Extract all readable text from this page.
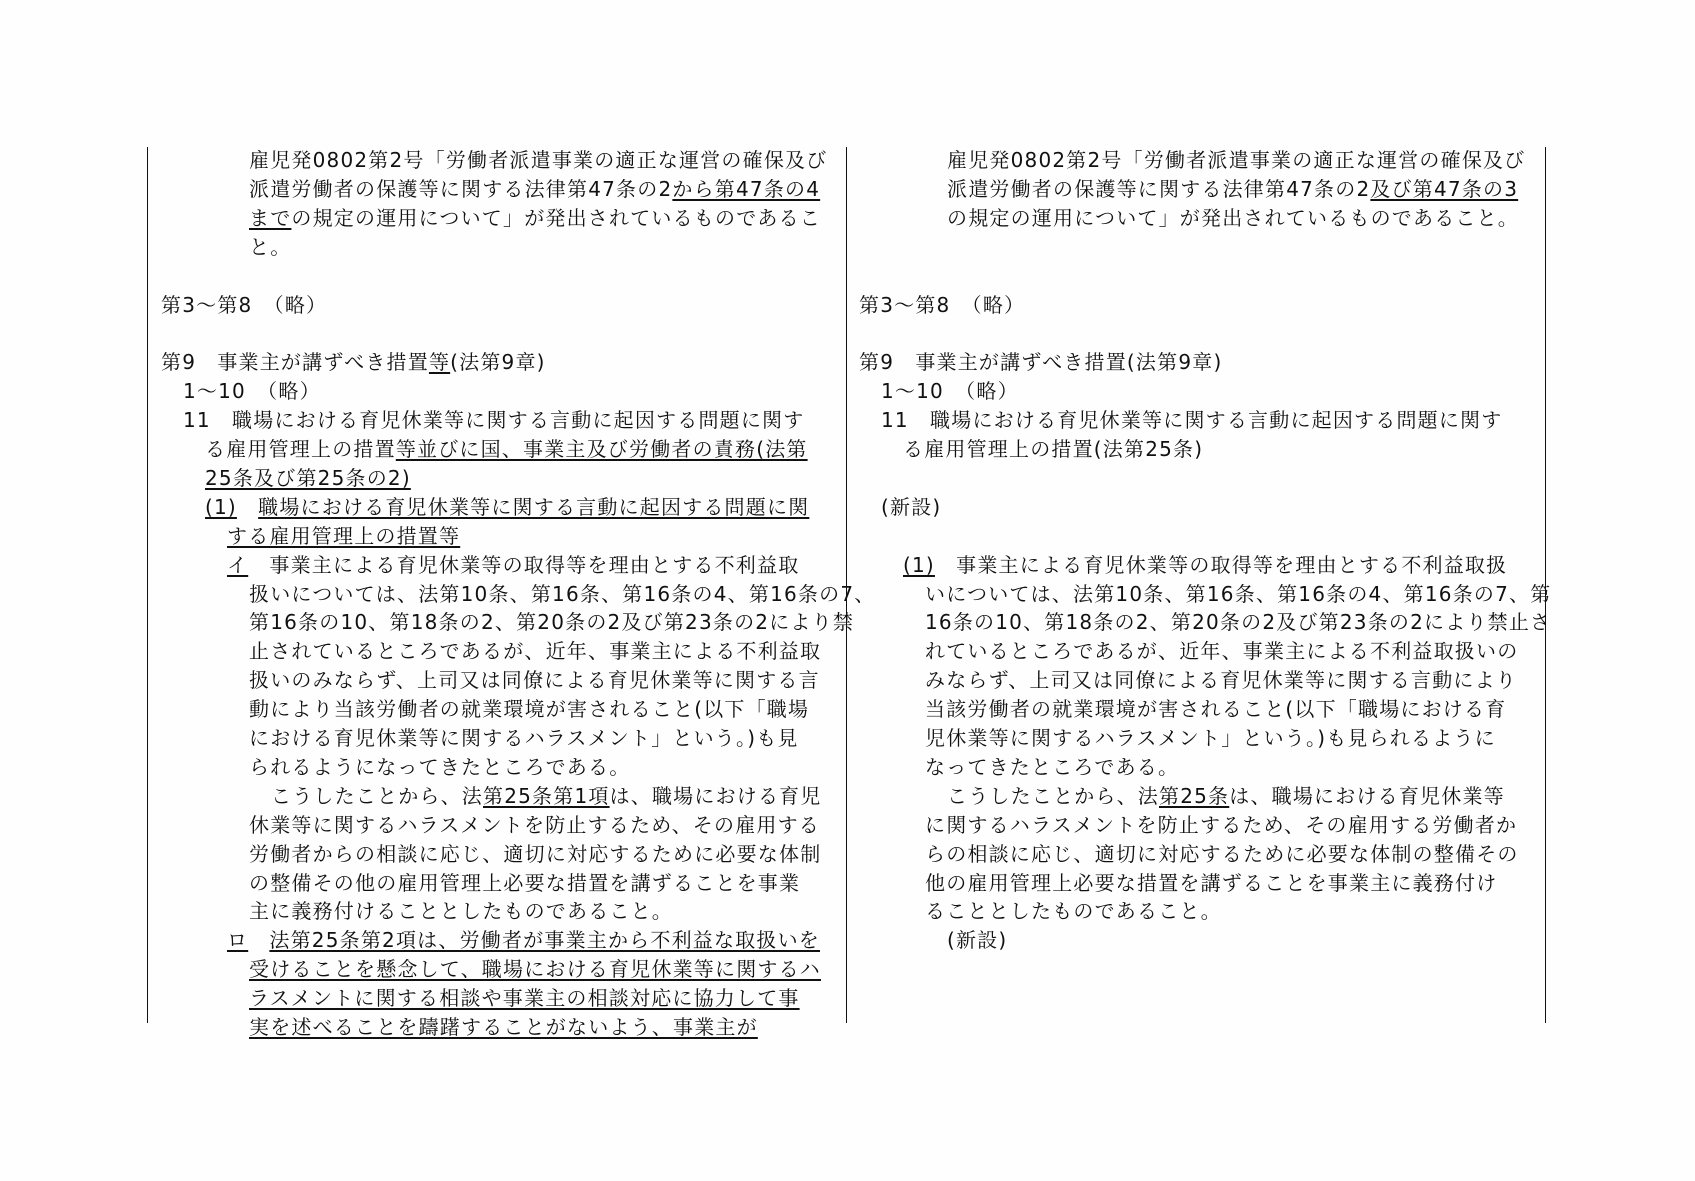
雇児発0802第2号「労働者派遣事業の適正な運営の確保及び
派遣労働者の保護等に関する法律第47条の2から第47条の4
までの規定の運用について」が発出されているものであるこ
と。
第3〜第8　（略）
第9　事業主が講ずべき措置等(法第9章)
1〜10　（略）
11　職場における育児休業等に関する言動に起因する問題に関す
る雇用管理上の措置等並びに国、事業主及び労働者の責務(法第
25条及び第25条の2)
(1)　 職場における育児休業等に関する言動に起因する問題に関
する雇用管理上の措置等
イ　事業主による育児休業等の取得等を理由とする不利益取
扱いについては、法第10条、第16条、第16条の4、第16条の7、
第16条の10、第18条の2、第20条の2及び第23条の2により禁
止されているところであるが、近年、事業主による不利益取
扱いのみならず、上司又は同僚による育児休業等に関する言
動により当該労働者の就業環境が害されること(以下「職場
における育児休業等に関するハラスメント」という。)も見
られるようになってきたところである。
こうしたことから、法第25条第1項は、職場における育児
休業等に関するハラスメントを防止するため、その雇用する
労働者からの相談に応じ、適切に対応するために必要な体制
の整備その他の雇用管理上必要な措置を講ずることを事業
主に義務付けることとしたものであること。
ロ　 法第25条第2項は、労働者が事業主から不利益な取扱いを
受けることを懸念して、職場における育児休業等に関するハ
ラスメントに関する相談や事業主の相談対応に協力して事
実を述べることを躊躇することがないよう、事業主が
雇児発0802第2号「労働者派遣事業の適正な運営の確保及び
派遣労働者の保護等に関する法律第47条の2及び第47条の3
の規定の運用について」が発出されているものであること。
第3〜第8　（略）
第9　事業主が講ずべき措置(法第9章)
1〜10　（略）
11　職場における育児休業等に関する言動に起因する問題に関す
る雇用管理上の措置(法第25条)
(新設)
(1)　事業主による育児休業等の取得等を理由とする不利益取扱
いについては、法第10条、第16条、第16条の4、第16条の7、第
16条の10、第18条の2、第20条の2及び第23条の2により禁止さ
れているところであるが、近年、事業主による不利益取扱いの
みならず、上司又は同僚による育児休業等に関する言動により
当該労働者の就業環境が害されること(以下「職場における育
児休業等に関するハラスメント」という。)も見られるように
なってきたところである。
こうしたことから、法第25条は、職場における育児休業等
に関するハラスメントを防止するため、その雇用する労働者か
らの相談に応じ、適切に対応するために必要な体制の整備その
他の雇用管理上必要な措置を講ずることを事業主に義務付け
ることとしたものであること。
(新設)
